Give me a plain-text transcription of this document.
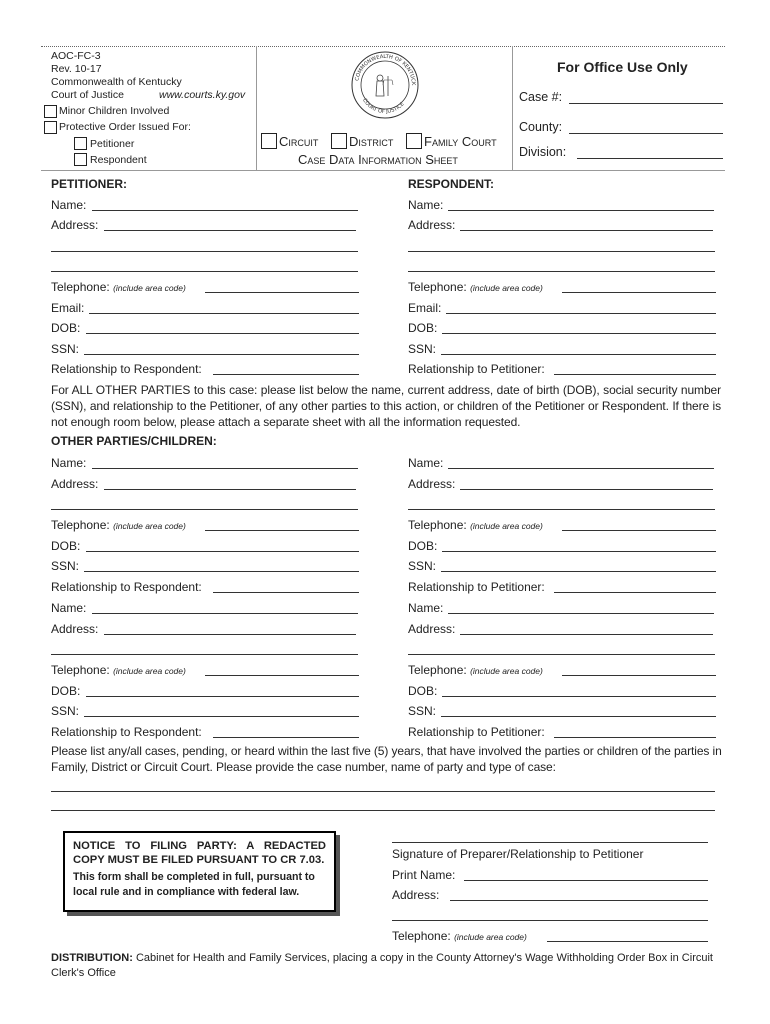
AOC-FC-3
Rev. 10-17
Commonwealth of Kentucky
Court of Justice	www.courts.ky.gov
Minor Children Involved
Protective Order Issued For:
Petitioner
Respondent
COMMONWEALTH OF KENTUCK
COURT OF JUSTICE
Circuit District Family Court
Case Data Information Sheet
For Office Use Only
Case #:
County:
Division:
PETITIONER:	RESPONDENT:
Name:	Name:
Address:	Address:
Telephone: (include area code)	Telephone: (include area code)
Email:	Email:
DOB:	DOB:
SSN:	SSN:
Relationship to Respondent:	Relationship to Petitioner:
For ALL OTHER PARTIES to this case: please list below the name, current address, date of birth (DOB), social security number (SSN), and relationship to the Petitioner, of any other parties to this action, or children of the Petitioner or Respondent. If there is not enough room below, please attach a separate sheet with all the information requested.
OTHER PARTIES/CHILDREN:
Name:	Name:
Address:	Address:
Telephone: (include area code)	Telephone: (include area code)
DOB:	DOB:
SSN:	SSN:
Relationship to Respondent:	Relationship to Petitioner:
Name:	Name:
Address:	Address:
Telephone: (include area code)	Telephone: (include area code)
DOB:	DOB:
SSN:	SSN:
Relationship to Respondent:	Relationship to Petitioner:
Please list any/all cases, pending, or heard within the last five (5) years, that have involved the parties or children of the parties in Family, District or Circuit Court. Please provide the case number, name of party and type of case:
NOTICE TO FILING PARTY: A REDACTED COPY MUST BE FILED PURSUANT TO CR 7.03.
This form shall be completed in full, pursuant to local rule and in compliance with federal law.
Signature of Preparer/Relationship to Petitioner
Print Name:
Address:
Telephone: (include area code)
DISTRIBUTION: Cabinet for Health and Family Services, placing a copy in the County Attorney's Wage Withholding Order Box in Circuit Clerk's Office
